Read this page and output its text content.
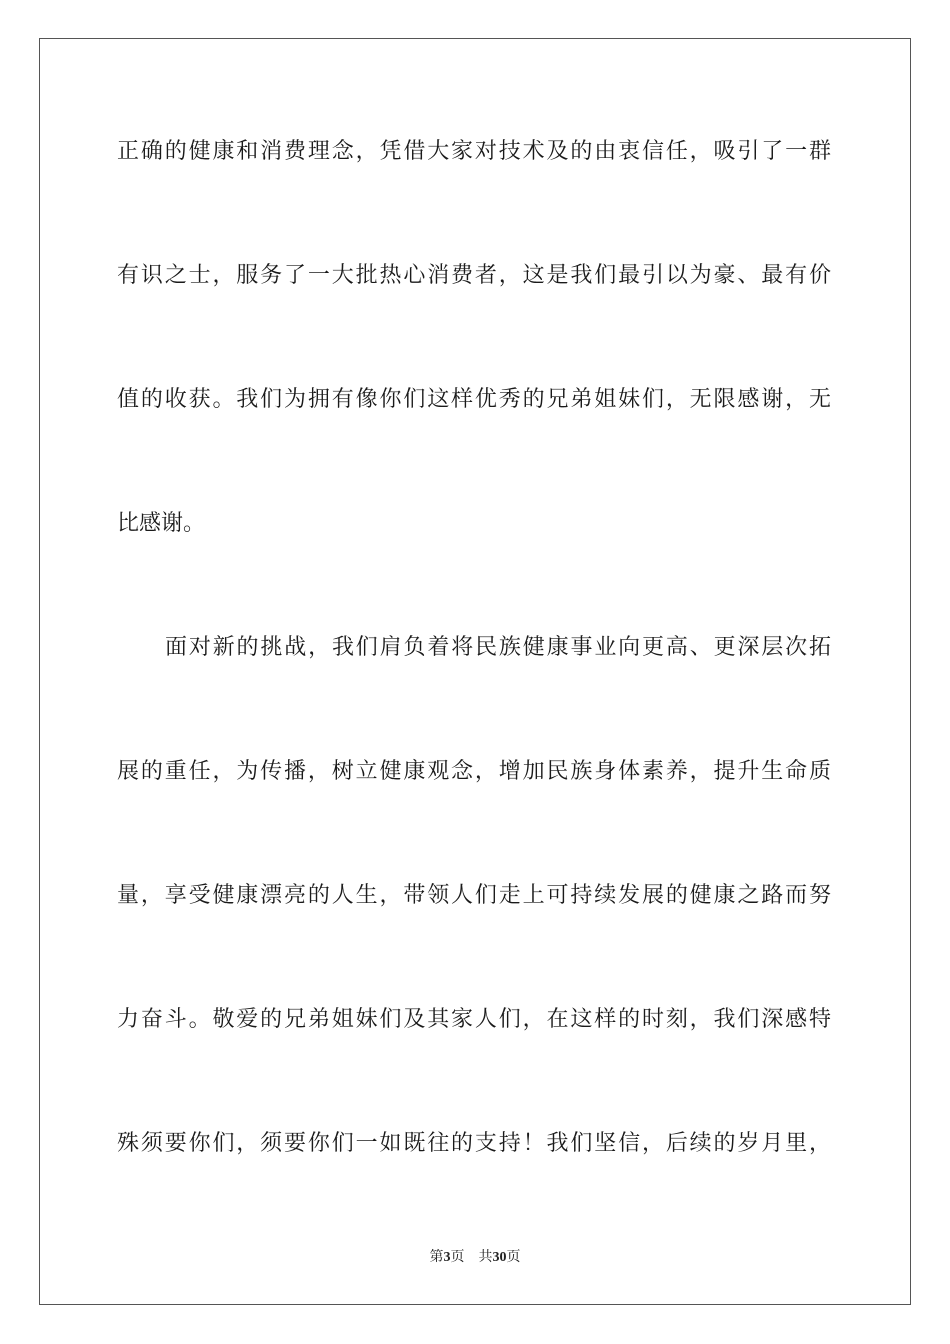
正确的健康和消费理念，凭借大家对技术及的由衷信任，吸引了一群
有识之士，服务了一大批热心消费者，这是我们最引以为豪、最有价
值的收获。我们为拥有像你们这样优秀的兄弟姐妹们，无限感谢，无
比感谢。
面对新的挑战，我们肩负着将民族健康事业向更高、更深层次拓
展的重任，为传播，树立健康观念，增加民族身体素养，提升生命质
量，享受健康漂亮的人生，带领人们走上可持续发展的健康之路而努
力奋斗。敬爱的兄弟姐妹们及其家人们，在这样的时刻，我们深感特
殊须要你们，须要你们一如既往的支持！我们坚信，后续的岁月里，
第3页 共30页
